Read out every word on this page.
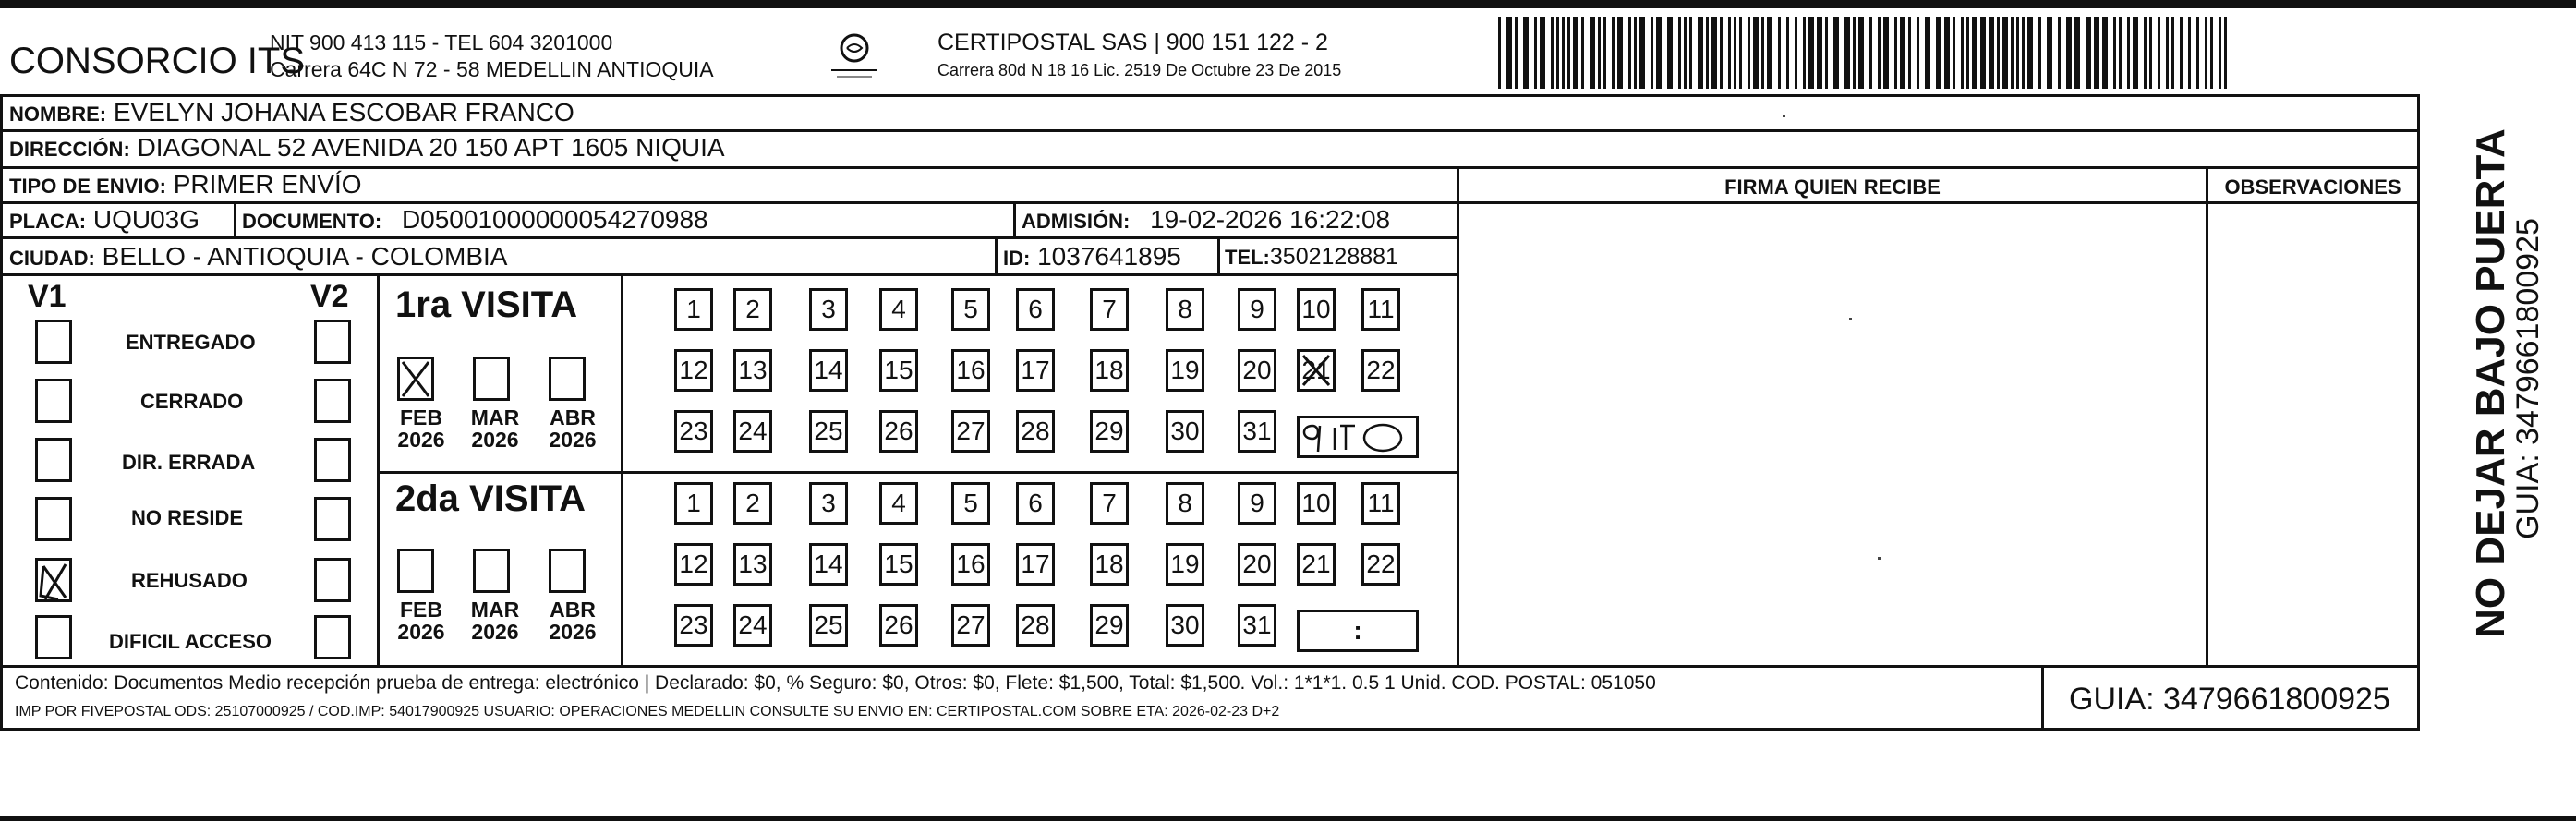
CONSORCIO ITS
NIT 900 413 115 - TEL 604 3201000
Carrera 64C N 72 - 58 MEDELLIN ANTIOQUIA
CERTIPOSTAL SAS | 900 151 122 - 2
Carrera 80d N 18 16 Lic. 2519 De Octubre 23 De 2015
NOMBRE: EVELYN JOHANA ESCOBAR FRANCO
DIRECCIÓN: DIAGONAL 52 AVENIDA 20 150 APT 1605 NIQUIA
TIPO DE ENVIO: PRIMER ENVÍO	FIRMA QUIEN RECIBE	OBSERVACIONES
PLACA: UQU03G DOCUMENTO: D05001000000054270988	ADMISIÓN: 19-02-2026 16:22:08
CIUDAD: BELLO - ANTIOQUIA - COLOMBIA	ID: 1037641895 TEL:3502128881
V1	V2
ENTREGADO
CERRADO
DIR. ERRADA
NO RESIDE
REHUSADO
DIFICIL ACCESO
1ra VISITA
FEB
2026
MAR
2026
ABR
2026
1	2	3	4	5	6	7	8	9	10 11
12 13 14 15 16 17 18 19 20 21 22
23 24 25 26 27 28 29 30 31
2da VISITA
FEB
2026
MAR
2026
ABR
2026
1	2	3	4	5	6	7	8	9	10 11
12 13 14 15 16 17 18 19 20 21 22
23 24 25 26 27 28 29 30 31	:
Contenido: Documentos Medio recepción prueba de entrega: electrónico | Declarado: $0, % Seguro: $0, Otros: $0, Flete: $1,500, Total: $1,500. Vol.: 1*1*1. 0.5 1 Unid. COD. POSTAL: 051050
IMP POR FIVEPOSTAL ODS: 25107000925 / COD.IMP: 54017900925 USUARIO: OPERACIONES MEDELLIN CONSULTE SU ENVIO EN: CERTIPOSTAL.COM SOBRE ETA: 2026-02-23 D+2	GUIA: 3479661800925
NO DEJAR BAJO PUERTA
GUIA: 3479661800925
